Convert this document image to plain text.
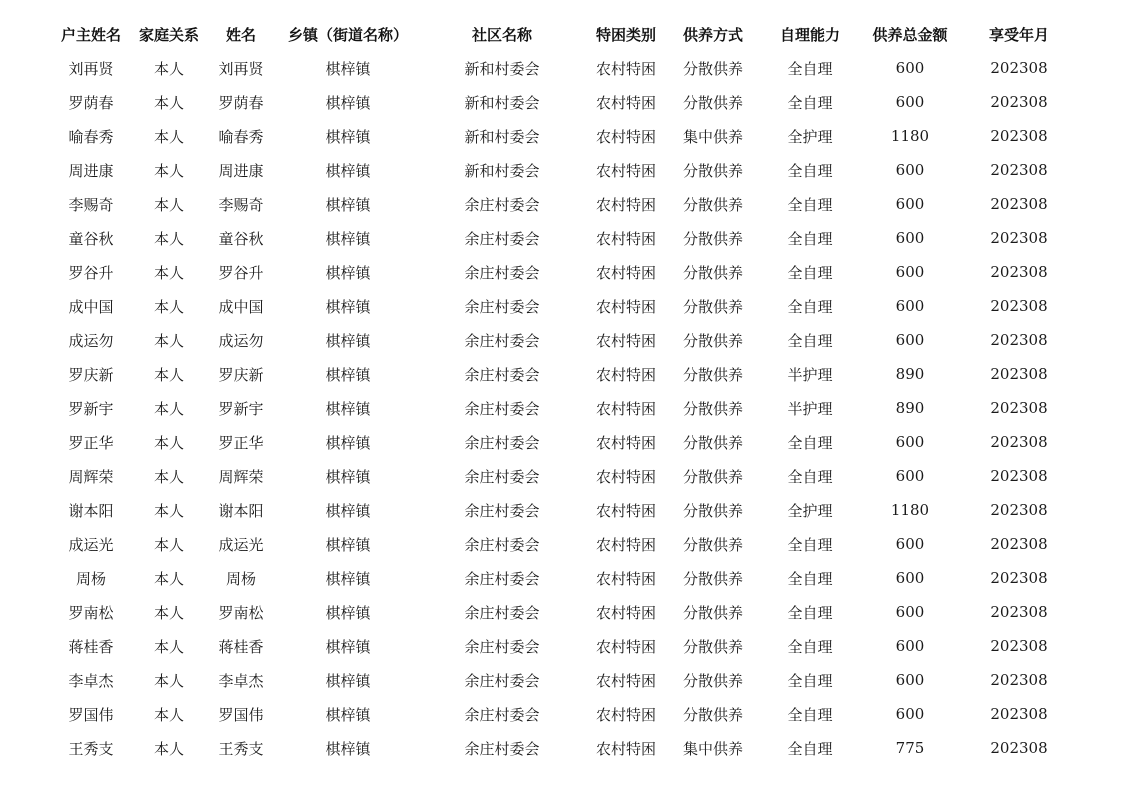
户主姓名	家庭关系	姓名	乡镇（街道名称）	社区名称	特困类别	供养方式	自理能力	供养总金额	享受年月
刘再贤	本人	刘再贤	棋梓镇	新和村委会	农村特困	分散供养	全自理	600	202308
罗荫春	本人	罗荫春	棋梓镇	新和村委会	农村特困	分散供养	全自理	600	202308
喻春秀	本人	喻春秀	棋梓镇	新和村委会	农村特困	集中供养	全护理	1180	202308
周进康	本人	周进康	棋梓镇	新和村委会	农村特困	分散供养	全自理	600	202308
李赐奇	本人	李赐奇	棋梓镇	余庄村委会	农村特困	分散供养	全自理	600	202308
童谷秋	本人	童谷秋	棋梓镇	余庄村委会	农村特困	分散供养	全自理	600	202308
罗谷升	本人	罗谷升	棋梓镇	余庄村委会	农村特困	分散供养	全自理	600	202308
成中国	本人	成中国	棋梓镇	余庄村委会	农村特困	分散供养	全自理	600	202308
成运勿	本人	成运勿	棋梓镇	余庄村委会	农村特困	分散供养	全自理	600	202308
罗庆新	本人	罗庆新	棋梓镇	余庄村委会	农村特困	分散供养	半护理	890	202308
罗新宇	本人	罗新宇	棋梓镇	余庄村委会	农村特困	分散供养	半护理	890	202308
罗正华	本人	罗正华	棋梓镇	余庄村委会	农村特困	分散供养	全自理	600	202308
周辉荣	本人	周辉荣	棋梓镇	余庄村委会	农村特困	分散供养	全自理	600	202308
谢本阳	本人	谢本阳	棋梓镇	余庄村委会	农村特困	分散供养	全护理	1180	202308
成运光	本人	成运光	棋梓镇	余庄村委会	农村特困	分散供养	全自理	600	202308
周杨	本人	周杨	棋梓镇	余庄村委会	农村特困	分散供养	全自理	600	202308
罗南松	本人	罗南松	棋梓镇	余庄村委会	农村特困	分散供养	全自理	600	202308
蒋桂香	本人	蒋桂香	棋梓镇	余庄村委会	农村特困	分散供养	全自理	600	202308
李卓杰	本人	李卓杰	棋梓镇	余庄村委会	农村特困	分散供养	全自理	600	202308
罗国伟	本人	罗国伟	棋梓镇	余庄村委会	农村特困	分散供养	全自理	600	202308
王秀支	本人	王秀支	棋梓镇	余庄村委会	农村特困	集中供养	全自理	775	202308
